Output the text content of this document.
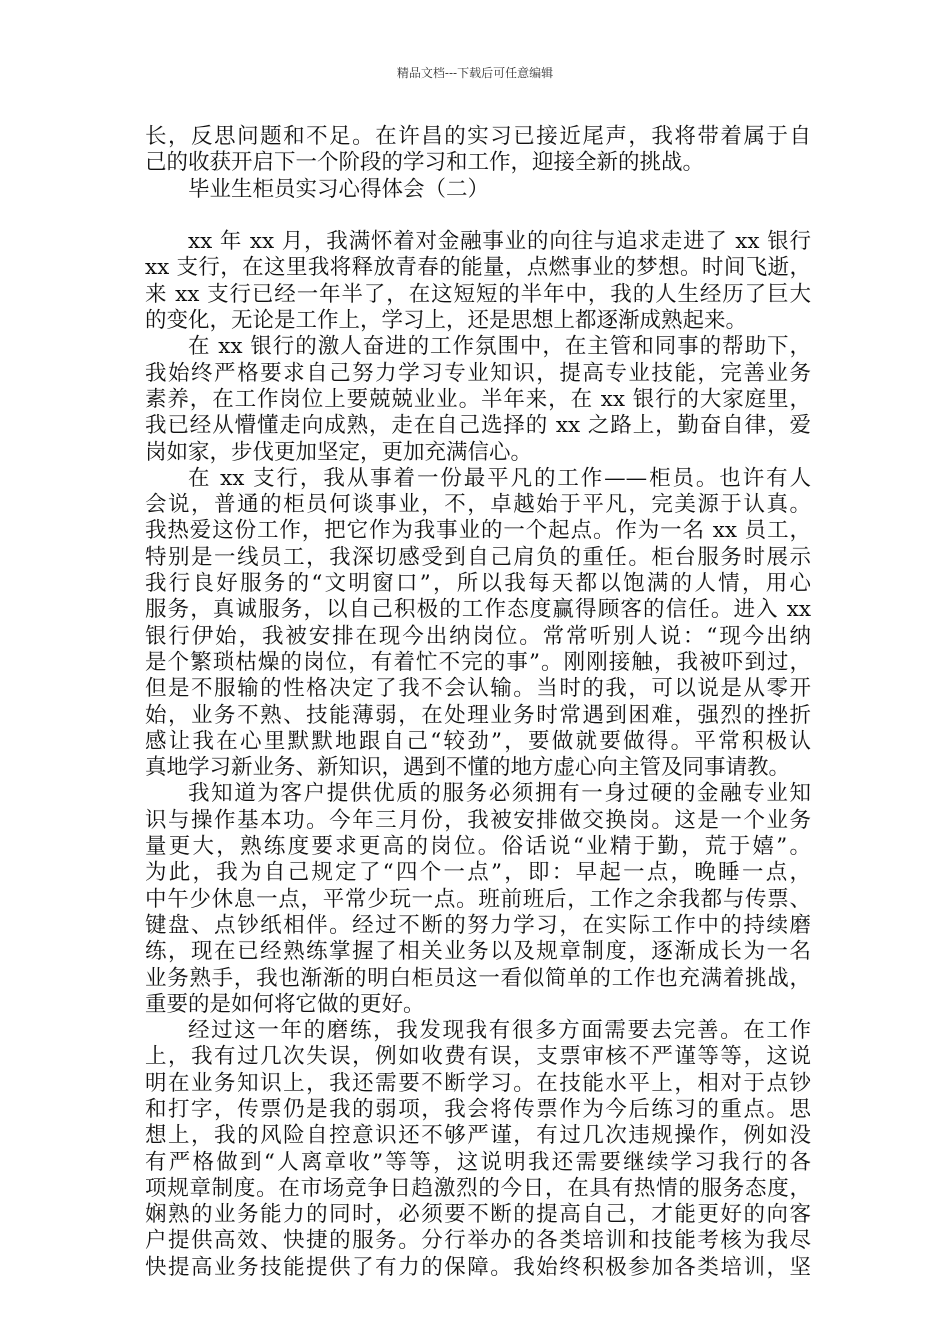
精品文档---下载后可任意编辑
长，反思问题和不足。在许昌的实习已接近尾声，我将带着属于自
己的收获开启下一个阶段的学习和工作，迎接全新的挑战。
毕业生柜员实习心得体会（二）
xx 年 xx 月，我满怀着对金融事业的向往与追求走进了 xx 银行
xx 支行，在这里我将释放青春的能量，点燃事业的梦想。时间飞逝，
来 xx 支行已经一年半了，在这短短的半年中，我的人生经历了巨大
的变化，无论是工作上，学习上，还是思想上都逐渐成熟起来。
在 xx 银行的激人奋进的工作氛围中，在主管和同事的帮助下，
我始终严格要求自己努力学习专业知识，提高专业技能，完善业务
素养，在工作岗位上要兢兢业业。半年来，在 xx 银行的大家庭里，
我已经从懵懂走向成熟，走在自己选择的 xx 之路上，勤奋自律，爱
岗如家，步伐更加坚定，更加充满信心。
在 xx 支行，我从事着一份最平凡的工作——柜员。也许有人
会说，普通的柜员何谈事业，不，卓越始于平凡，完美源于认真。
我热爱这份工作，把它作为我事业的一个起点。作为一名 xx 员工，
特别是一线员工，我深切感受到自己肩负的重任。柜台服务时展示
我行良好服务的“文明窗口”，所以我每天都以饱满的人情，用心
服务，真诚服务，以自己积极的工作态度赢得顾客的信任。进入 xx
银行伊始，我被安排在现今出纳岗位。常常听别人说：“现今出纳
是个繁琐枯燥的岗位，有着忙不完的事”。刚刚接触，我被吓到过，
但是不服输的性格决定了我不会认输。当时的我，可以说是从零开
始，业务不熟、技能薄弱，在处理业务时常遇到困难，强烈的挫折
感让我在心里默默地跟自己“较劲”，要做就要做得。平常积极认
真地学习新业务、新知识，遇到不懂的地方虚心向主管及同事请教。
我知道为客户提供优质的服务必须拥有一身过硬的金融专业知
识与操作基本功。今年三月份，我被安排做交换岗。这是一个业务
量更大，熟练度要求更高的岗位。俗话说“业精于勤，荒于嬉”。
为此，我为自己规定了“四个一点”，即：早起一点，晚睡一点，
中午少休息一点，平常少玩一点。班前班后，工作之余我都与传票、
键盘、点钞纸相伴。经过不断的努力学习，在实际工作中的持续磨
练，现在已经熟练掌握了相关业务以及规章制度，逐渐成长为一名
业务熟手，我也渐渐的明白柜员这一看似简单的工作也充满着挑战，
重要的是如何将它做的更好。
经过这一年的磨练，我发现我有很多方面需要去完善。在工作
上，我有过几次失误，例如收费有误，支票审核不严谨等等，这说
明在业务知识上，我还需要不断学习。在技能水平上，相对于点钞
和打字，传票仍是我的弱项，我会将传票作为今后练习的重点。思
想上，我的风险自控意识还不够严谨，有过几次违规操作，例如没
有严格做到“人离章收”等等，这说明我还需要继续学习我行的各
项规章制度。在市场竞争日趋激烈的今日，在具有热情的服务态度，
娴熟的业务能力的同时，必须要不断的提高自己，才能更好的向客
户提供高效、快捷的服务。分行举办的各类培训和技能考核为我尽
快提高业务技能提供了有力的保障。我始终积极参加各类培训，坚
